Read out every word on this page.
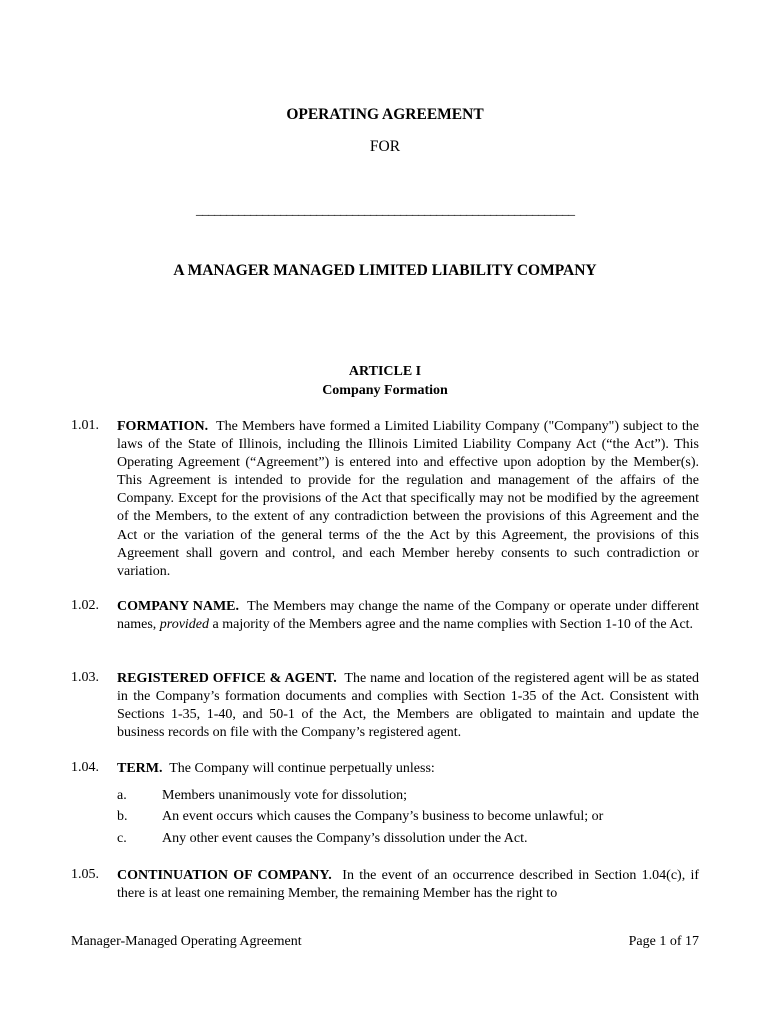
OPERATING AGREEMENT
FOR
_______________________________________________________________
A MANAGER MANAGED LIMITED LIABILITY COMPANY
ARTICLE I
Company Formation
1.01.	FORMATION. The Members have formed a Limited Liability Company ("Company") subject to the laws of the State of Illinois, including the Illinois Limited Liability Company Act (“the Act”). This Operating Agreement (“Agreement”) is entered into and effective upon adoption by the Member(s). This Agreement is intended to provide for the regulation and management of the affairs of the Company. Except for the provisions of the Act that specifically may not be modified by the agreement of the Members, to the extent of any contradiction between the provisions of this Agreement and the Act or the variation of the general terms of the the Act by this Agreement, the provisions of this Agreement shall govern and control, and each Member hereby consents to such contradiction or variation.
1.02.	COMPANY NAME. The Members may change the name of the Company or operate under different names, provided a majority of the Members agree and the name complies with Section 1-10 of the Act.
1.03.	REGISTERED OFFICE & AGENT. The name and location of the registered agent will be as stated in the Company’s formation documents and complies with Section 1-35 of the Act. Consistent with Sections 1-35, 1-40, and 50-1 of the Act, the Members are obligated to maintain and update the business records on file with the Company’s registered agent.
1.04.	TERM. The Company will continue perpetually unless:
a.	Members unanimously vote for dissolution;
b. An event occurs which causes the Company’s business to become unlawful; or
c.	Any other event causes the Company’s dissolution under the Act.
1.05.	CONTINUATION OF COMPANY. In the event of an occurrence described in Section 1.04(c), if there is at least one remaining Member, the remaining Member has the right to
Manager-Managed Operating Agreement	Page 1 of 17
